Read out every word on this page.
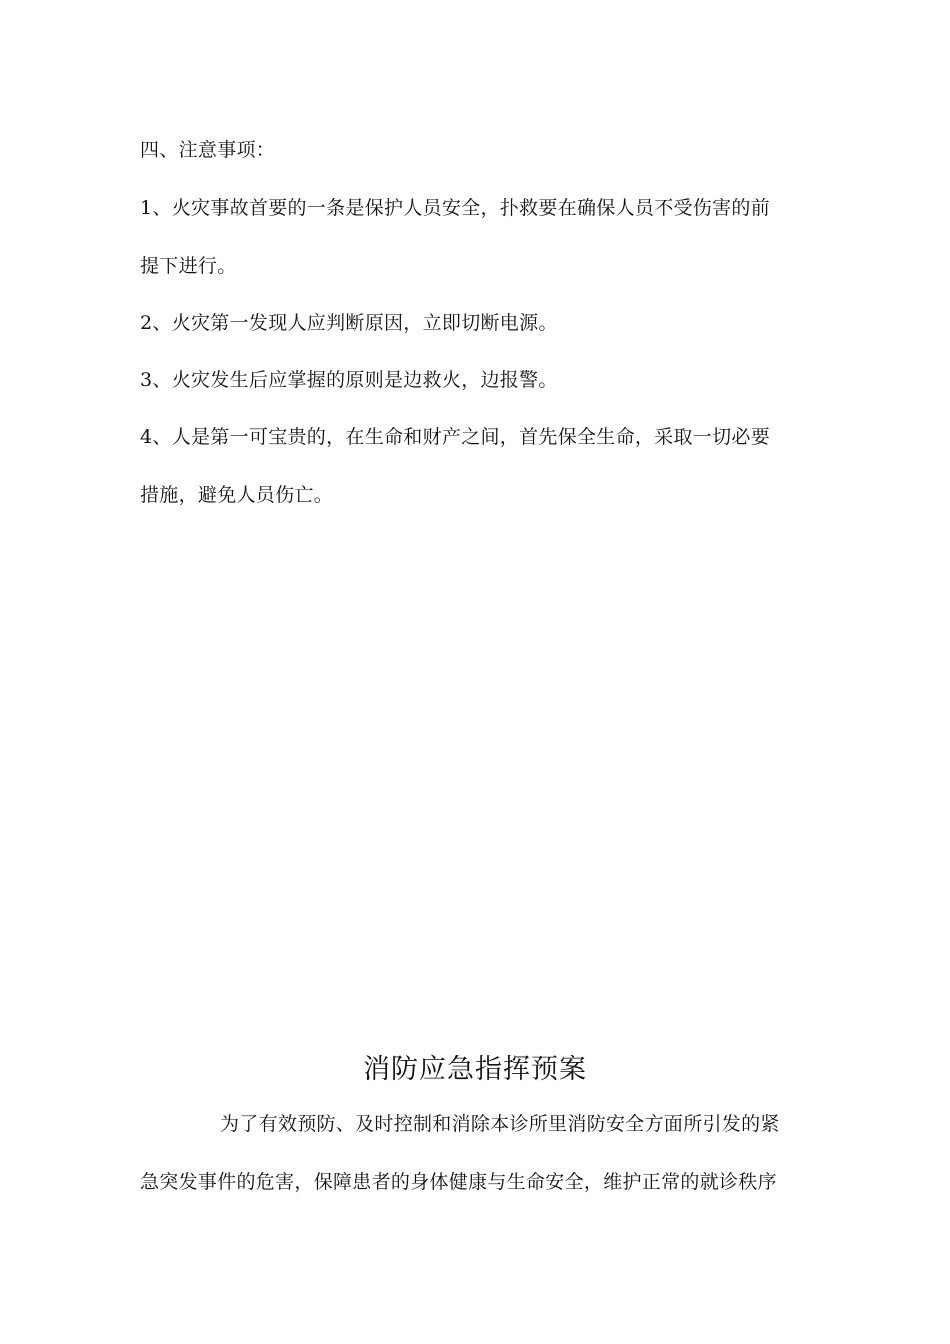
四、注意事项：
1、火灾事故首要的一条是保护人员安全，扑救要在确保人员不受伤害的前
提下进行。
2、火灾第一发现人应判断原因，立即切断电源。
3、火灾发生后应掌握的原则是边救火，边报警。
4、人是第一可宝贵的，在生命和财产之间，首先保全生命，采取一切必要
措施，避免人员伤亡。
消防应急指挥预案
为了有效预防、及时控制和消除本诊所里消防安全方面所引发的紧
急突发事件的危害，保障患者的身体健康与生命安全，维护正常的就诊秩序
